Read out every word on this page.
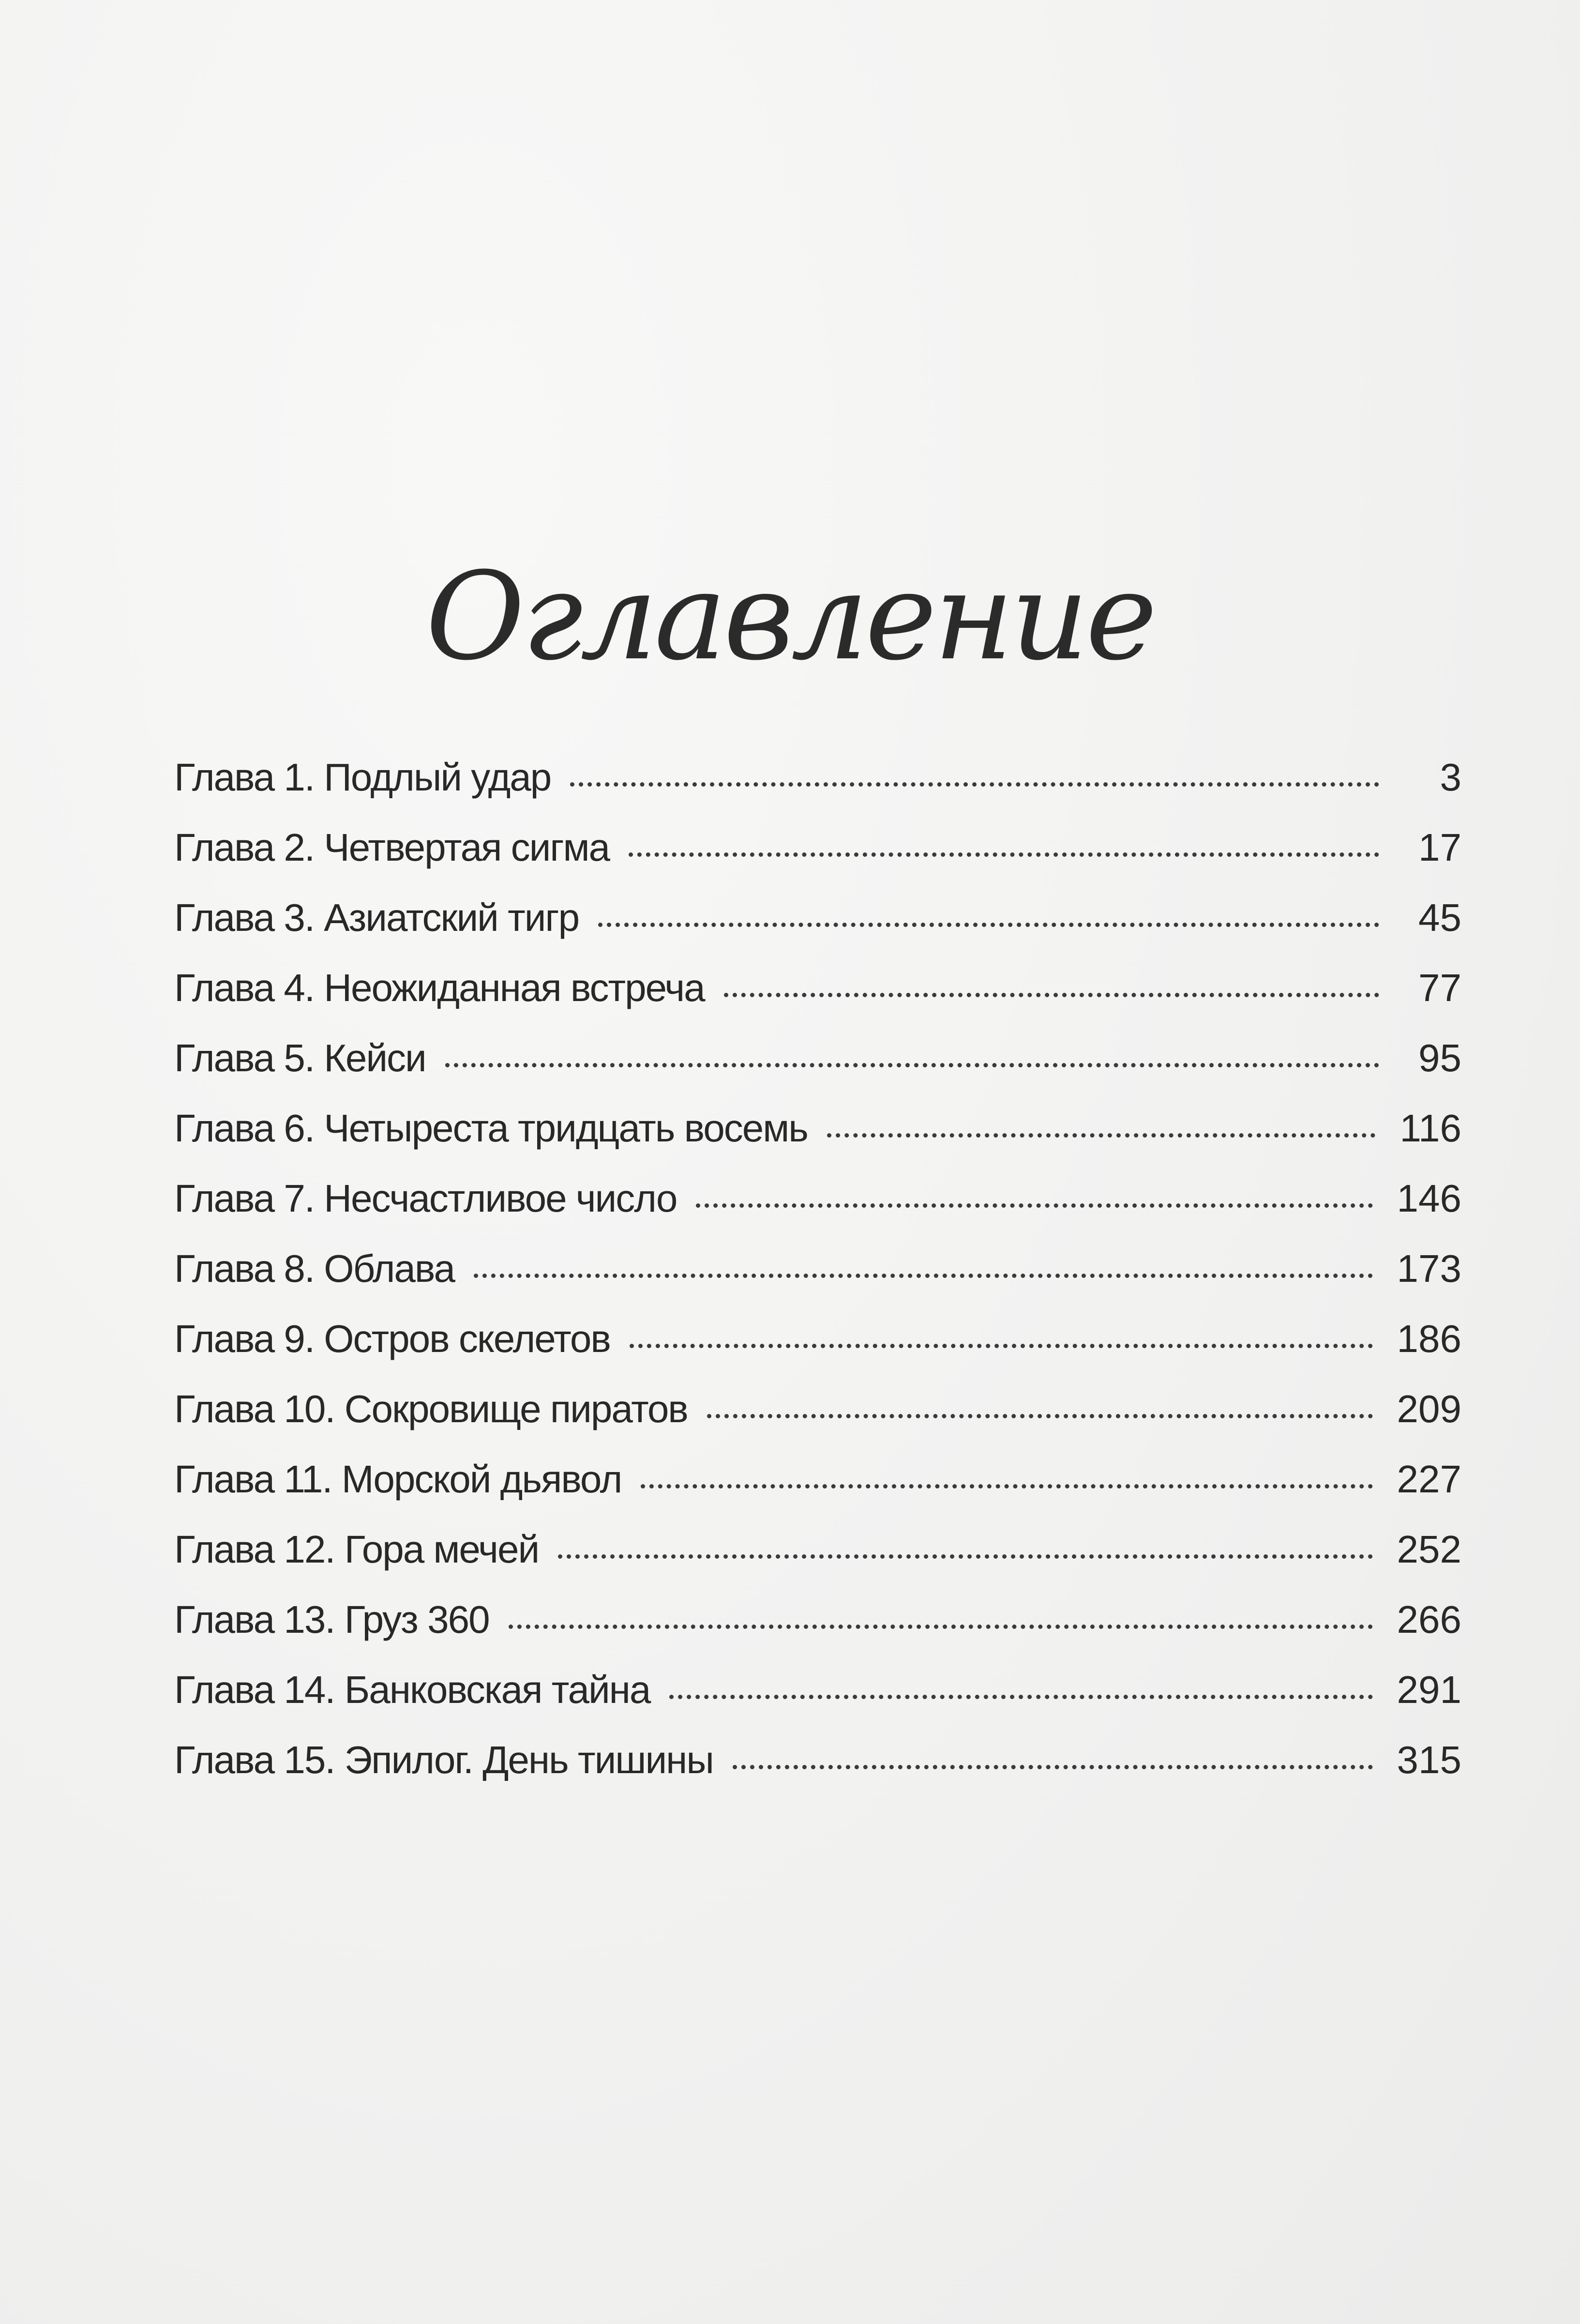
Оглавление
Глава 1. Подлый удар	3
Глава 2. Четвертая сигма	17
Глава 3. Азиатский тигр	45
Глава 4. Неожиданная встреча	77
Глава 5. Кейси	95
Глава 6. Четыреста тридцать восемь	116
Глава 7. Несчастливое число	146
Глава 8. Облава	173
Глава 9. Остров скелетов	186
Глава 10. Сокровище пиратов	209
Глава 11. Морской дьявол	227
Глава 12. Гора мечей	252
Глава 13. Груз 360	266
Глава 14. Банковская тайна	291
Глава 15. Эпилог. День тишины	315
